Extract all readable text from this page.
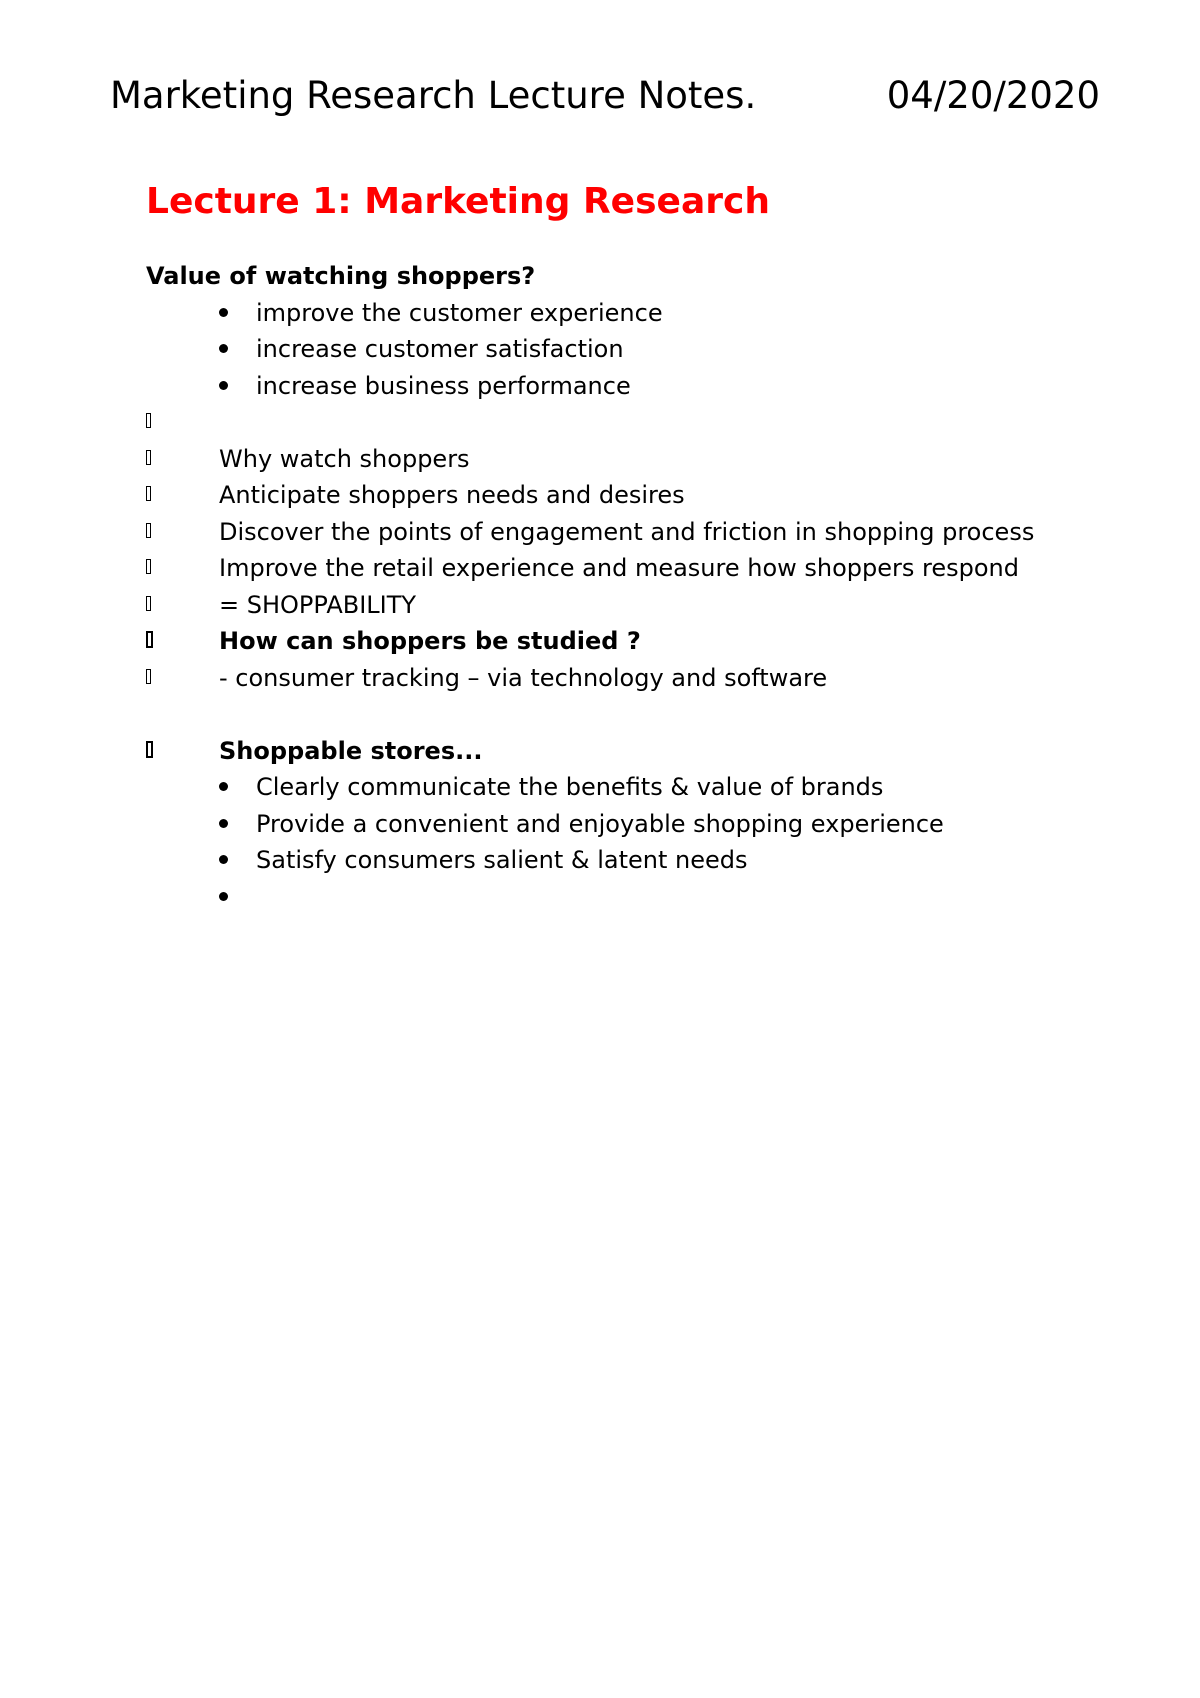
Marketing Research Lecture Notes.	04/20/2020
Lecture 1: Marketing Research
Value of watching shoppers?
improve the customer experience
increase customer satisfaction
increase business performance
Why watch shoppers
Anticipate shoppers needs and desires
Discover the points of engagement and friction in shopping process
Improve the retail experience and measure how shoppers respond
= SHOPPABILITY
How can shoppers be studied ?
- consumer tracking – via technology and software
Shoppable stores...
Clearly communicate the benefits & value of brands
Provide a convenient and enjoyable shopping experience
Satisfy consumers salient & latent needs
